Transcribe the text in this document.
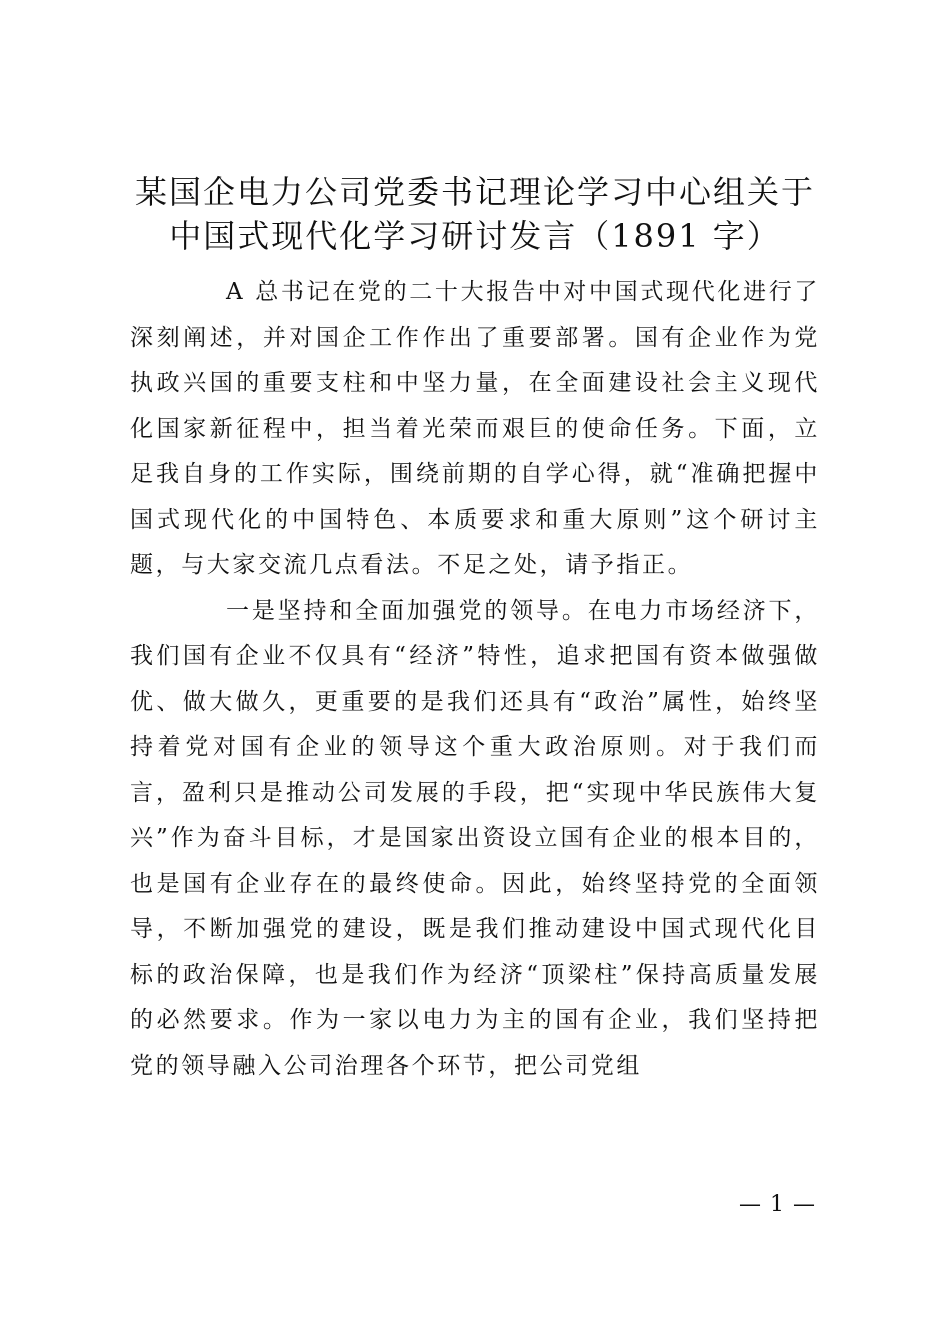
某国企电力公司党委书记理论学习中心组关于
中国式现代化学习研讨发言（1891 字）

A 总书记在党的二十大报告中对中国式现代化进行了深刻阐述，并对国企工作作出了重要部署。国有企业作为党执政兴国的重要支柱和中坚力量，在全面建设社会主义现代化国家新征程中，担当着光荣而艰巨的使命任务。下面，立足我自身的工作实际，围绕前期的自学心得，就“准确把握中国式现代化的中国特色、本质要求和重大原则”这个研讨主题，与大家交流几点看法。不足之处，请予指正。

一是坚持和全面加强党的领导。在电力市场经济下，我们国有企业不仅具有“经济”特性，追求把国有资本做强做优、做大做久，更重要的是我们还具有“政治”属性，始终坚持着党对国有企业的领导这个重大政治原则。对于我们而言，盈利只是推动公司发展的手段，把“实现中华民族伟大复兴”作为奋斗目标，才是国家出资设立国有企业的根本目的，也是国有企业存在的最终使命。因此，始终坚持党的全面领导，不断加强党的建设，既是我们推动建设中国式现代化目标的政治保障，也是我们作为经济“顶梁柱”保持高质量发展的必然要求。作为一家以电力为主的国有企业，我们坚持把党的领导融入公司治理各个环节，把公司党组

— 1 —
